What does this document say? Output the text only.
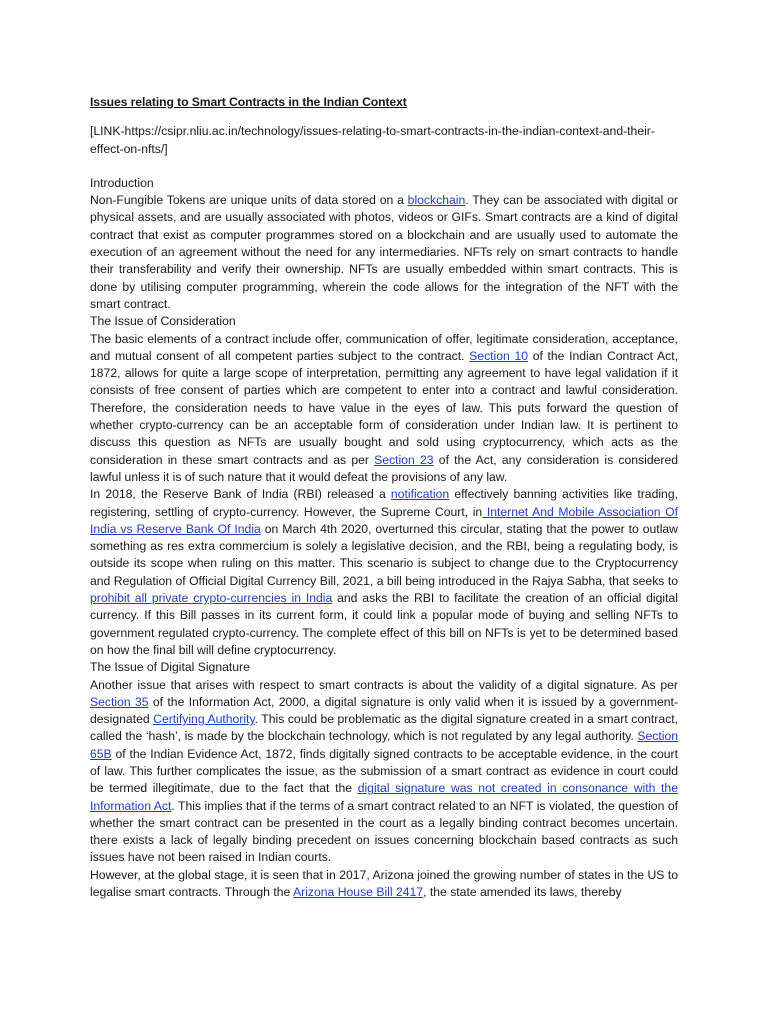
Issues relating to Smart Contracts in the Indian Context
[LINK-https://csipr.nliu.ac.in/technology/issues-relating-to-smart-contracts-in-the-indian-context-and-their-effect-on-nfts/]
Introduction

Non-Fungible Tokens are unique units of data stored on a blockchain. They can be associated with digital or physical assets, and are usually associated with photos, videos or GIFs. Smart contracts are a kind of digital contract that exist as computer programmes stored on a blockchain and are usually used to automate the execution of an agreement without the need for any intermediaries. NFTs rely on smart contracts to handle their transferability and verify their ownership. NFTs are usually embedded within smart contracts. This is done by utilising computer programming, wherein the code allows for the integration of the NFT with the smart contract.

The Issue of Consideration

The basic elements of a contract include offer, communication of offer, legitimate consideration, acceptance, and mutual consent of all competent parties subject to the contract. Section 10 of the Indian Contract Act, 1872, allows for quite a large scope of interpretation, permitting any agreement to have legal validation if it consists of free consent of parties which are competent to enter into a contract and lawful consideration. Therefore, the consideration needs to have value in the eyes of law. This puts forward the question of whether crypto-currency can be an acceptable form of consideration under Indian law. It is pertinent to discuss this question as NFTs are usually bought and sold using cryptocurrency, which acts as the consideration in these smart contracts and as per Section 23 of the Act, any consideration is considered lawful unless it is of such nature that it would defeat the provisions of any law.

In 2018, the Reserve Bank of India (RBI) released a notification effectively banning activities like trading, registering, settling of crypto-currency. However, the Supreme Court, in Internet And Mobile Association Of India vs Reserve Bank Of India on March 4th 2020, overturned this circular, stating that the power to outlaw something as res extra commercium is solely a legislative decision, and the RBI, being a regulating body, is outside its scope when ruling on this matter. This scenario is subject to change due to the Cryptocurrency and Regulation of Official Digital Currency Bill, 2021, a bill being introduced in the Rajya Sabha, that seeks to prohibit all private crypto-currencies in India and asks the RBI to facilitate the creation of an official digital currency. If this Bill passes in its current form, it could link a popular mode of buying and selling NFTs to government regulated crypto-currency. The complete effect of this bill on NFTs is yet to be determined based on how the final bill will define cryptocurrency.

The Issue of Digital Signature

Another issue that arises with respect to smart contracts is about the validity of a digital signature. As per Section 35 of the Information Act, 2000, a digital signature is only valid when it is issued by a government-designated Certifying Authority. This could be problematic as the digital signature created in a smart contract, called the ‘hash’, is made by the blockchain technology, which is not regulated by any legal authority. Section 65B of the Indian Evidence Act, 1872, finds digitally signed contracts to be acceptable evidence, in the court of law. This further complicates the issue, as the submission of a smart contract as evidence in court could be termed illegitimate, due to the fact that the digital signature was not created in consonance with the Information Act. This implies that if the terms of a smart contract related to an NFT is violated, the question of whether the smart contract can be presented in the court as a legally binding contract becomes uncertain. there exists a lack of legally binding precedent on issues concerning blockchain based contracts as such issues have not been raised in Indian courts.

However, at the global stage, it is seen that in 2017, Arizona joined the growing number of states in the US to legalise smart contracts. Through the Arizona House Bill 2417, the state amended its laws, thereby
